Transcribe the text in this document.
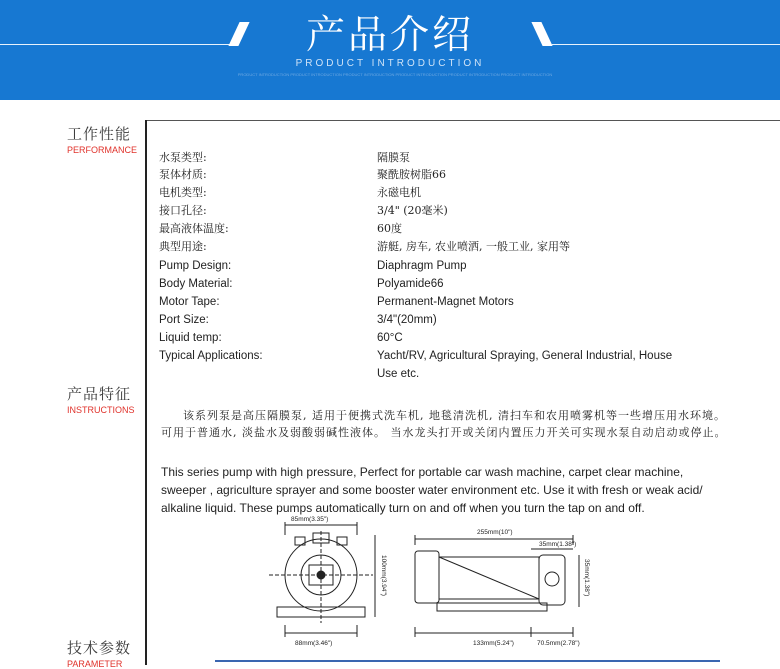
产品介绍
PRODUCT INTRODUCTION
PRODUCT INTRODUCTION PRODUCT INTRODUCTION PRODUCT INTRODUCTION PRODUCT INTRODUCTION PRODUCT INTRODUCTION PRODUCT INTRODUCTION
工作性能
PERFORMANCE
产品特征
INSTRUCTIONS
技术参数
PARAMETER
水泵类型:	隔膜泵
泵体材质:	聚酰胺树脂66
电机类型:	永磁电机
接口孔径:	3/4" (20毫米)
最高液体温度:	60度
典型用途:	游艇, 房车, 农业喷洒, 一般工业, 家用等
Pump Design:	Diaphragm Pump
Body Material:	Polyamide66
Motor Tape:	Permanent-Magnet Motors
Port Size:	3/4"(20mm)
Liquid temp:	60°C
Typical Applications:	Yacht/RV, Agricultural Spraying, General Industrial, House
Use etc.
该系列泵是高压隔膜泵, 适用于便携式洗车机, 地毯清洗机, 清扫车和农用喷雾机等一些增压用水环境。可用于普通水, 淡盐水及弱酸弱碱性液体。 当水龙头打开或关闭内置压力开关可实现水泵自动启动或停止。
This series pump with high pressure, Perfect for portable car wash machine, carpet clear machine, sweeper , agriculture sprayer and some booster water environment etc. Use it with fresh or weak acid/ alkaline liquid. These pumps automatically turn on and off when you turn the tap on and off.
85mm(3.35")
88mm(3.46")
100mm(3.94")
255mm(10")
35mm(1.38")
35mm(1.38")
133mm(5.24")	70.5mm(2.78")
